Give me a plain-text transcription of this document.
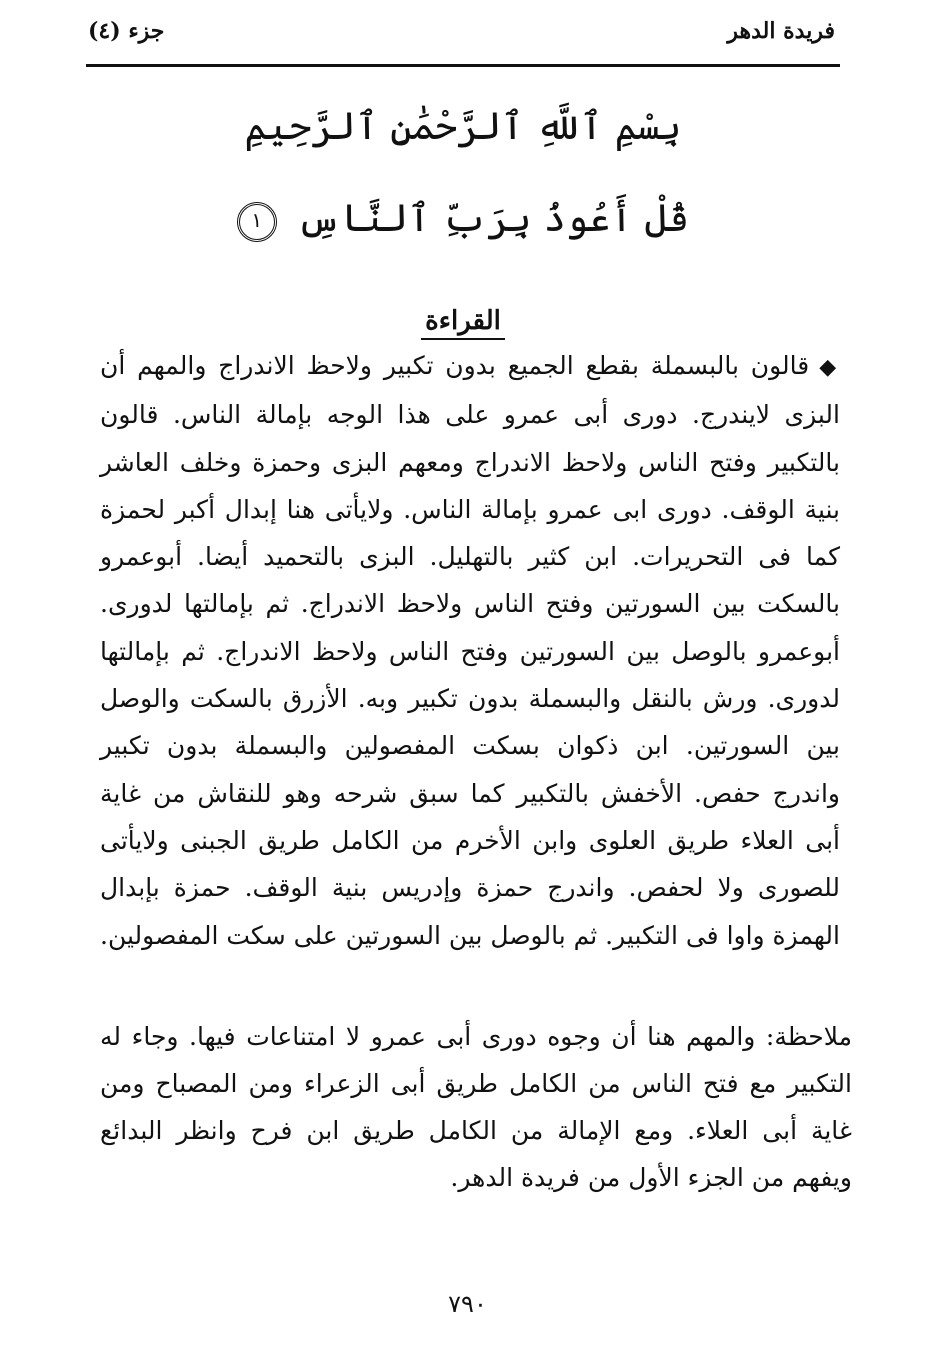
فريدة الدهر
جزء (٤)
بِسْمِ ٱللَّهِ ٱلرَّحْمَٰنِ ٱلرَّحِيمِ
قُلْ أَعُوذُ بِرَبِّ ٱلنَّاسِ ١
القراءة
◆قالون بالبسملة بقطع الجميع بدون تكبير ولاحظ الاندراج والمهم أن البزى لايندرج. دورى أبى عمرو على هذا الوجه بإمالة الناس. قالون بالتكبير وفتح الناس ولاحظ الاندراج ومعهم البزى وحمزة وخلف العاشر بنية الوقف. دورى ابى عمرو بإمالة الناس. ولايأتى هنا إبدال أكبر لحمزة كما فى التحريرات. ابن كثير بالتهليل. البزى بالتحميد أيضا. أبوعمرو بالسكت بين السورتين وفتح الناس ولاحظ الاندراج. ثم بإمالتها لدورى. أبوعمرو بالوصل بين السورتين وفتح الناس ولاحظ الاندراج. ثم بإمالتها لدورى. ورش بالنقل والبسملة بدون تكبير وبه. الأزرق بالسكت والوصل بين السورتين. ابن ذكوان بسكت المفصولين والبسملة بدون تكبير واندرج حفص. الأخفش بالتكبير كما سبق شرحه وهو للنقاش من غاية أبى العلاء طريق العلوى وابن الأخرم من الكامل طريق الجبنى ولايأتى للصورى ولا لحفص. واندرج حمزة وإدريس بنية الوقف. حمزة بإبدال الهمزة واوا فى التكبير. ثم بالوصل بين السورتين على سكت المفصولين.
ملاحظة: والمهم هنا أن وجوه دورى أبى عمرو لا امتناعات فيها. وجاء له التكبير مع فتح الناس من الكامل طريق أبى الزعراء ومن المصباح ومن غاية أبى العلاء. ومع الإمالة من الكامل طريق ابن فرح وانظر البدائع ويفهم من الجزء الأول من فريدة الدهر.
٧٩٠
